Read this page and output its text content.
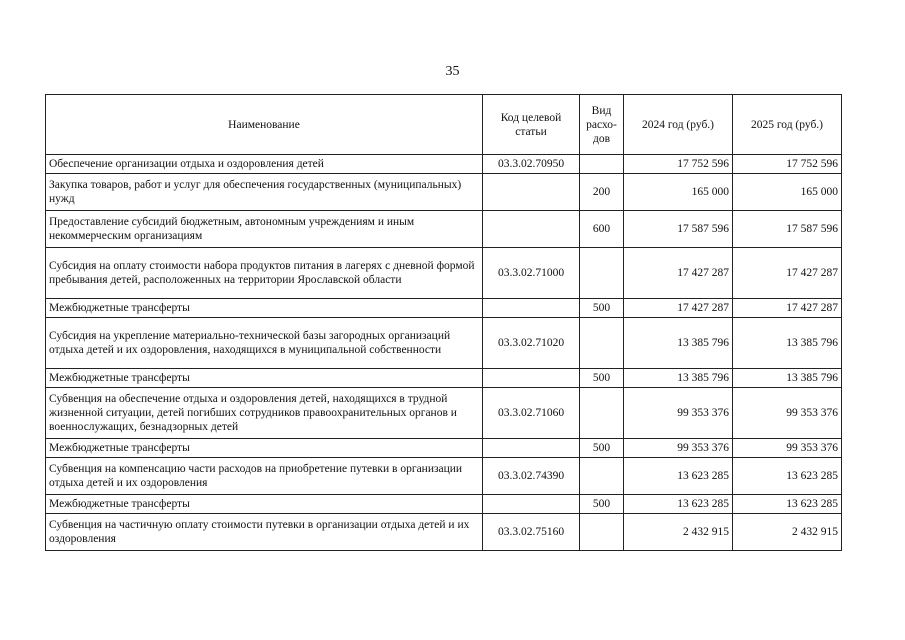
35
Наименование	Код целевой статьи	Вид расхо-дов	2024 год (руб.)	2025 год (руб.)
Обеспечение организации отдыха и оздоровления детей	03.3.02.70950		17 752 596	17 752 596
Закупка товаров, работ и услуг для обеспечения государственных (муниципальных) нужд		200	165 000	165 000
Предоставление субсидий бюджетным, автономным учреждениям и иным некоммерческим организациям		600	17 587 596	17 587 596
Субсидия на оплату стоимости набора продуктов питания в лагерях с дневной формой пребывания детей, расположенных на территории Ярославской области	03.3.02.71000		17 427 287	17 427 287
Межбюджетные трансферты		500	17 427 287	17 427 287
Субсидия на укрепление материально-технической базы загородных организаций отдыха детей и их оздоровления, находящихся в муниципальной собственности	03.3.02.71020		13 385 796	13 385 796
Межбюджетные трансферты		500	13 385 796	13 385 796
Субвенция на обеспечение отдыха и оздоровления детей, находящихся в трудной жизненной ситуации, детей погибших сотрудников правоохранительных органов и военнослужащих, безнадзорных детей	03.3.02.71060		99 353 376	99 353 376
Межбюджетные трансферты		500	99 353 376	99 353 376
Субвенция на компенсацию части расходов на приобретение путевки в организации отдыха детей и их оздоровления	03.3.02.74390		13 623 285	13 623 285
Межбюджетные трансферты		500	13 623 285	13 623 285
Субвенция на частичную оплату стоимости путевки в организации отдыха детей и их оздоровления	03.3.02.75160		2 432 915	2 432 915
